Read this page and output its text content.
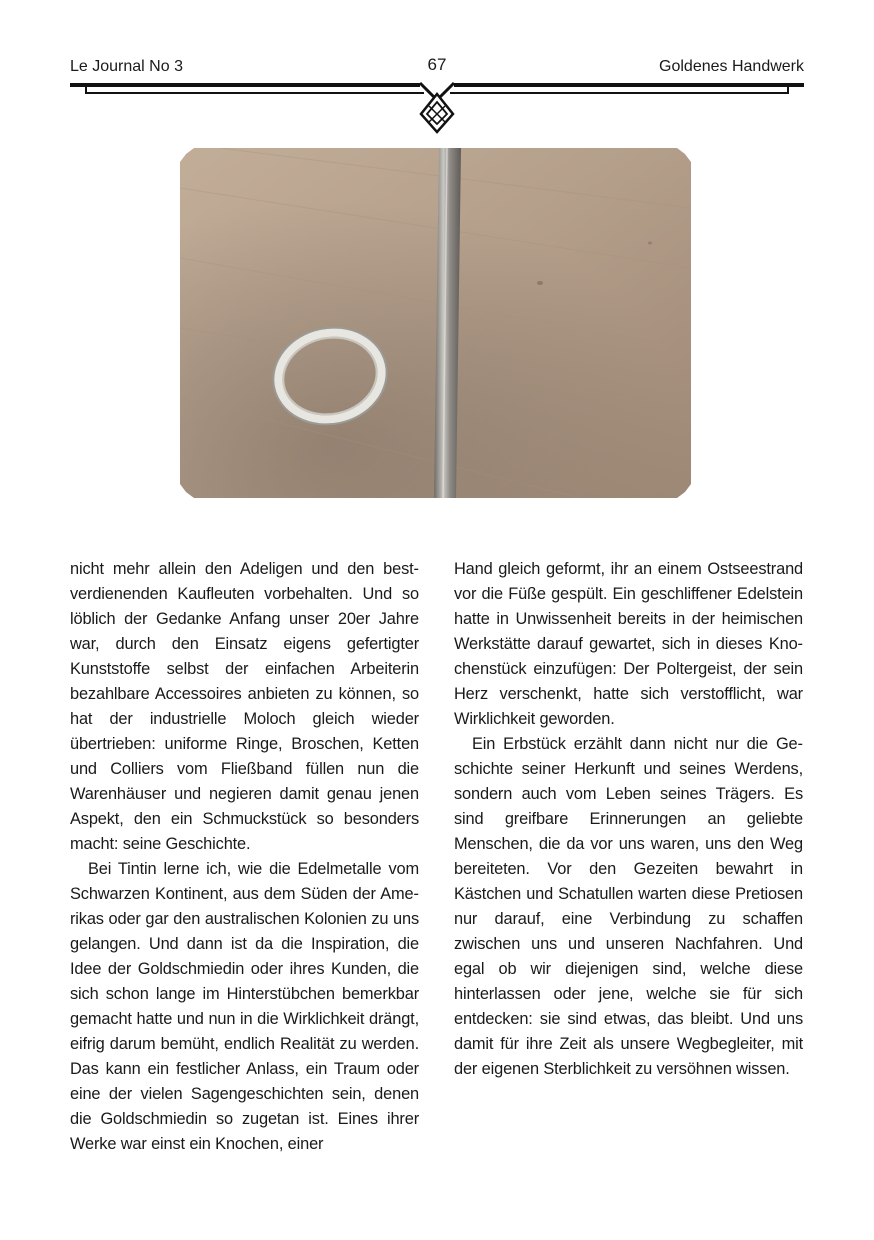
Le Journal No 3	67	Goldenes Handwerk

nicht mehr allein den Adeligen und den bestverdienenden Kaufleuten vorbehalten. Und so löblich der Gedanke Anfang unser 20er Jahre war, durch den Einsatz eigens gefertigter Kunststoffe selbst der einfachen Arbeiterin bezahlbare Accessoires anbieten zu können, so hat der industrielle Moloch gleich wieder übertrieben: uniforme Ringe, Broschen, Ketten und Colliers vom Fließband füllen nun die Warenhäuser und negieren damit genau jenen Aspekt, den ein Schmuckstück so besonders macht: seine Geschichte.

Bei Tintin lerne ich, wie die Edelmetalle vom Schwarzen Kontinent, aus dem Süden der Amerikas oder gar den australischen Kolonien zu uns gelangen. Und dann ist da die Inspiration, die Idee der Goldschmiedin oder ihres Kunden, die sich schon lange im Hinterstübchen bemerkbar gemacht hatte und nun in die Wirklichkeit drängt, eifrig darum bemüht, endlich Realität zu werden. Das kann ein festlicher Anlass, ein Traum oder eine der vielen Sagengeschichten sein, denen die Goldschmiedin so zugetan ist. Eines ihrer Werke war einst ein Knochen, einer

Hand gleich geformt, ihr an einem Ostseestrand vor die Füße gespült. Ein geschliffener Edelstein hatte in Unwissenheit bereits in der heimischen Werkstätte darauf gewartet, sich in dieses Knochenstück einzufügen: Der Poltergeist, der sein Herz verschenkt, hatte sich verstofflicht, war Wirklichkeit geworden.

Ein Erbstück erzählt dann nicht nur die Geschichte seiner Herkunft und seines Werdens, sondern auch vom Leben seines Trägers. Es sind greifbare Erinnerungen an geliebte Menschen, die da vor uns waren, uns den Weg bereiteten. Vor den Gezeiten bewahrt in Kästchen und Schatullen warten diese Pretiosen nur darauf, eine Verbindung zu schaffen zwischen uns und unseren Nachfahren. Und egal ob wir diejenigen sind, welche diese hinterlassen oder jene, welche sie für sich entdecken: sie sind etwas, das bleibt. Und uns damit für ihre Zeit als unsere Wegbegleiter, mit der eigenen Sterblichkeit zu versöhnen wissen.
